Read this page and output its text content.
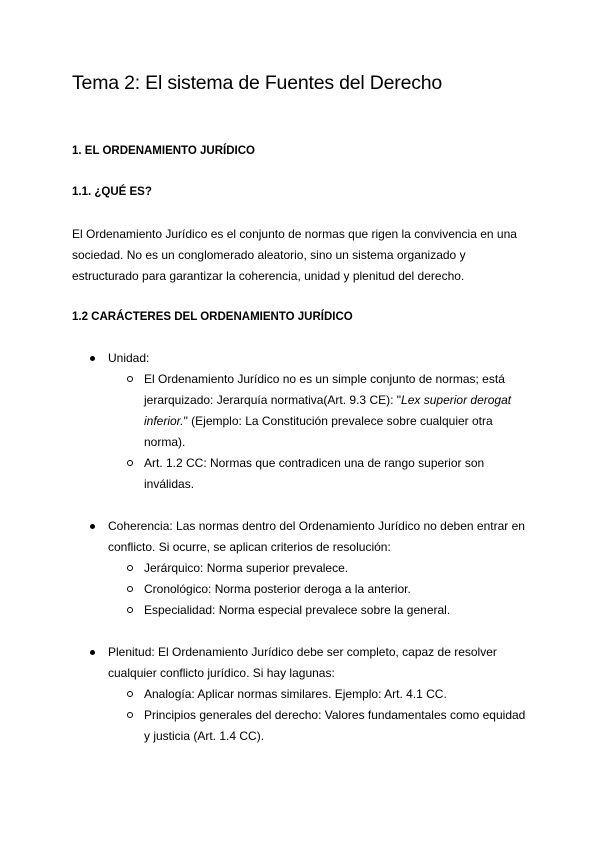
Tema 2: El sistema de Fuentes del Derecho
1. EL ORDENAMIENTO JURÍDICO
1.1. ¿QUÉ ES?

El Ordenamiento Jurídico es el conjunto de normas que rigen la convivencia en una sociedad. No es un conglomerado aleatorio, sino un sistema organizado y estructurado para garantizar la coherencia, unidad y plenitud del derecho.

1.2 CARÁCTERES DEL ORDENAMIENTO JURÍDICO

Unidad:

El Ordenamiento Jurídico no es un simple conjunto de normas; está jerarquizado: Jerarquía normativa(Art. 9.3 CE): "Lex superior derogat inferior." (Ejemplo: La Constitución prevalece sobre cualquier otra norma).

Art. 1.2 CC: Normas que contradicen una de rango superior son inválidas.

Coherencia: Las normas dentro del Ordenamiento Jurídico no deben entrar en conflicto. Si ocurre, se aplican criterios de resolución:

Jerárquico: Norma superior prevalece.

Cronológico: Norma posterior deroga a la anterior.

Especialidad: Norma especial prevalece sobre la general.

Plenitud: El Ordenamiento Jurídico debe ser completo, capaz de resolver cualquier conflicto jurídico. Si hay lagunas:

Analogía: Aplicar normas similares. Ejemplo: Art. 4.1 CC.

Principios generales del derecho: Valores fundamentales como equidad y justicia (Art. 1.4 CC).
